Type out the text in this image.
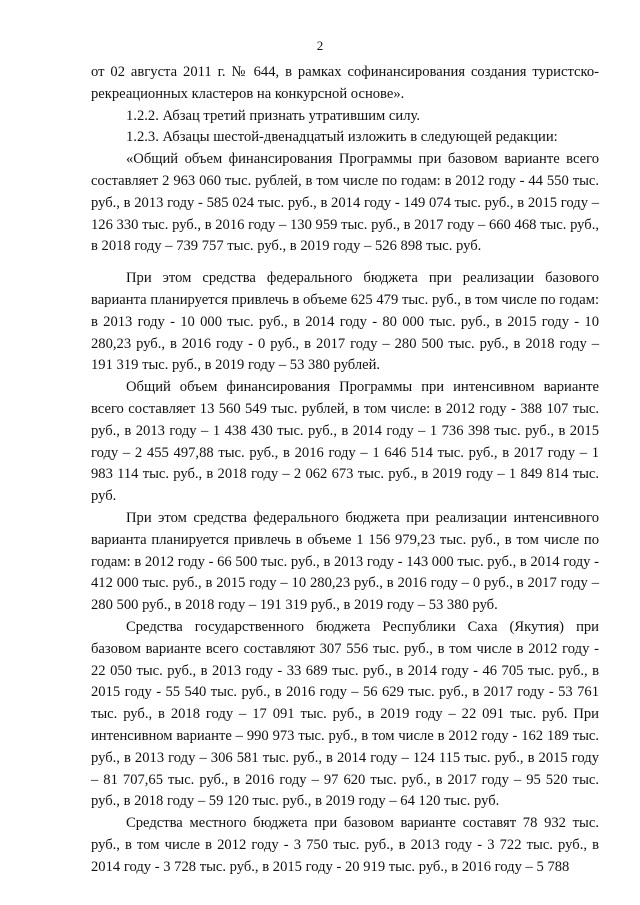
2

от 02 августа 2011 г. № 644, в рамках софинансирования создания туристско-рекреационных кластеров на конкурсной основе».

1.2.2. Абзац третий признать утратившим силу.

1.2.3. Абзацы шестой-двенадцатый изложить в следующей редакции:

«Общий объем финансирования Программы при базовом варианте всего составляет 2 963 060 тыс. рублей, в том числе по годам: в 2012 году - 44 550 тыс. руб., в 2013 году - 585 024 тыс. руб., в 2014 году - 149 074 тыс. руб., в 2015 году – 126 330 тыс. руб., в 2016 году – 130 959 тыс. руб., в 2017 году – 660 468 тыс. руб., в 2018 году – 739 757 тыс. руб., в 2019 году – 526 898 тыс. руб.

При этом средства федерального бюджета при реализации базового варианта планируется привлечь в объеме 625 479 тыс. руб., в том числе по годам: в 2013 году - 10 000 тыс. руб., в 2014 году - 80 000 тыс. руб., в 2015 году - 10 280,23 руб., в 2016 году - 0 руб., в 2017 году – 280 500 тыс. руб., в 2018 году – 191 319 тыс. руб., в 2019 году – 53 380 рублей.

Общий объем финансирования Программы при интенсивном варианте всего составляет 13 560 549 тыс. рублей, в том числе: в 2012 году - 388 107 тыс. руб., в 2013 году – 1 438 430 тыс. руб., в 2014 году – 1 736 398 тыс. руб., в 2015 году – 2 455 497,88 тыс. руб., в 2016 году – 1 646 514 тыс. руб., в 2017 году – 1 983 114 тыс. руб., в 2018 году – 2 062 673 тыс. руб., в 2019 году – 1 849 814 тыс. руб.

При этом средства федерального бюджета при реализации интенсивного варианта планируется привлечь в объеме 1 156 979,23 тыс. руб., в том числе по годам: в 2012 году - 66 500 тыс. руб., в 2013 году - 143 000 тыс. руб., в 2014 году - 412 000 тыс. руб., в 2015 году – 10 280,23 руб., в 2016 году – 0 руб., в 2017 году – 280 500 руб., в 2018 году – 191 319 руб., в 2019 году – 53 380 руб.

Средства государственного бюджета Республики Саха (Якутия) при базовом варианте всего составляют 307 556 тыс. руб., в том числе в 2012 году - 22 050 тыс. руб., в 2013 году - 33 689 тыс. руб., в 2014 году - 46 705 тыс. руб., в 2015 году - 55 540 тыс. руб., в 2016 году – 56 629 тыс. руб., в 2017 году - 53 761 тыс. руб., в 2018 году – 17 091 тыс. руб., в 2019 году – 22 091 тыс. руб. При интенсивном варианте – 990 973 тыс. руб., в том числе в 2012 году - 162 189 тыс. руб., в 2013 году – 306 581 тыс. руб., в 2014 году – 124 115 тыс. руб., в 2015 году – 81 707,65 тыс. руб., в 2016 году – 97 620 тыс. руб., в 2017 году – 95 520 тыс. руб., в 2018 году – 59 120 тыс. руб., в 2019 году – 64 120 тыс. руб.

Средства местного бюджета при базовом варианте составят 78 932 тыс. руб., в том числе в 2012 году - 3 750 тыс. руб., в 2013 году - 3 722 тыс. руб., в 2014 году - 3 728 тыс. руб., в 2015 году - 20 919 тыс. руб., в 2016 году – 5 788
